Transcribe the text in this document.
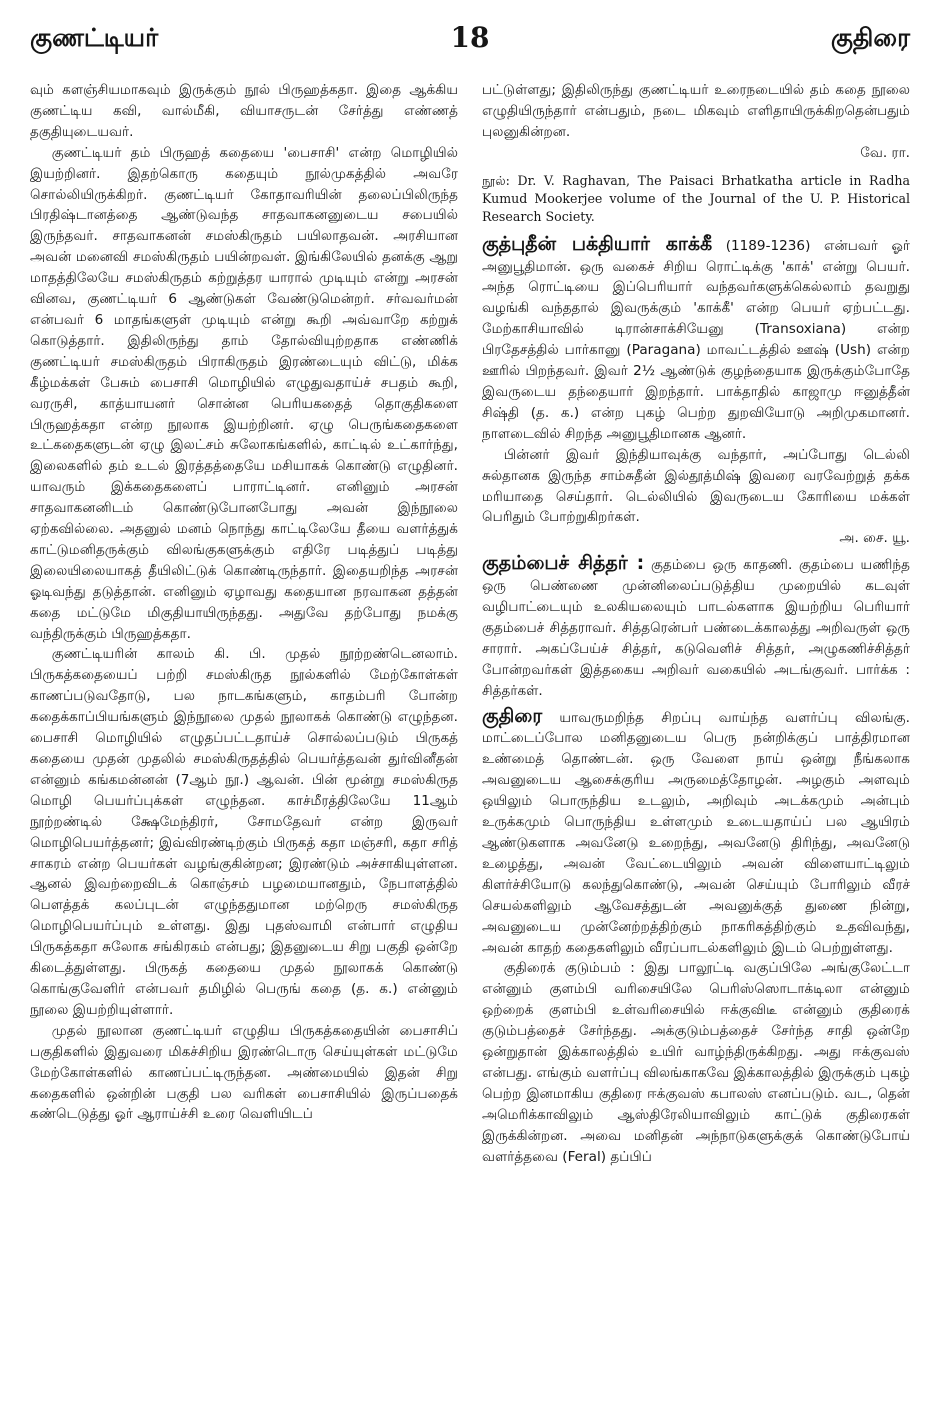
குணட்டியர்	18	குதிரை

வும் களஞ்சியமாகவும் இருக்கும் நூல் பிருஹத்கதா. இதை ஆக்கிய குணட்டிய கவி, வால்மீகி, வியாசருடன் சேர்த்து எண்ணத் தகுதியுடையவர்.

குணட்டியர் தம் பிருஹத் கதையை 'பைசாசி' என்ற மொழியில் இயற்றினர். இதற்கொரு கதையும் நூல்முகத்தில் அவரே சொல்லியிருக்கிறர். குணட்டியர் கோதாவரியின் தலைப்பிலிருந்த பிரதிஷ்டானத்தை ஆண்டுவந்த சாதவாகனனுடைய சபையில் இருந்தவர். சாதவாகனன் சமஸ்கிருதம் பயிலாதவன். அரசியான அவன் மனைவி சமஸ்கிருதம் பயின்றவள். இங்கிலேயில் தனக்கு ஆறு மாதத்திலேயே சமஸ்கிருதம் கற்றுத்தர யாரால் முடியும் என்று அரசன் வினவ, குணட்டியர் 6 ஆண்டுகள் வேண்டுமென்றர். சர்வவர்மன் என்பவர் 6 மாதங்களுள் முடியும் என்று கூறி அவ்வாறே கற்றுக் கொடுத்தார். இதிலிருந்து தாம் தோல்வியுற்றதாக எண்ணிக் குணட்டியர் சமஸ்கிருதம் பிராகிருதம் இரண்டையும் விட்டு, மிக்க கீழ்மக்கள் பேசும் பைசாசி மொழியில் எழுதுவதாய்ச் சபதம் கூறி, வரருசி, காத்யாயனர் சொன்ன பெரியகதைத் தொகுதிகளை பிருஹத்கதா என்ற நூலாக இயற்றினர். ஏழு பெருங்கதைகளை உட்கதைகளுடன் ஏழு இலட்சம் சுலோகங்களில், காட்டில் உட்கார்ந்து, இலைகளில் தம் உடல் இரத்தத்தையே மசியாகக் கொண்டு எழுதினர். யாவரும் இக்கதைகளைப் பாராட்டினர். எனினும் அரசன் சாதவாகனனிடம் கொண்டுபோனபோது அவன் இந்நூலை ஏற்கவில்லை. அதனுல் மனம் நொந்து காட்டிலேயே தீயை வளர்த்துக் காட்டுமனிதருக்கும் விலங்குகளுக்கும் எதிரே படித்துப் படித்து இலையிலையாகத் தீயிலிட்டுக் கொண்டிருந்தார். இதையறிந்த அரசன் ஓடிவந்து தடுத்தான். எனினும் ஏழாவது கதையான நரவாகன தத்தன் கதை மட்டுமே மிகுதியாயிருந்தது. அதுவே தற்போது நமக்கு வந்திருக்கும் பிருஹத்கதா.

குணட்டியரின் காலம் கி. பி. முதல் நூற்றண்டெனலாம். பிருகத்கதையைப் பற்றி சமஸ்கிருத நூல்களில் மேற்கோள்கள் காணப்படுவதோடு, பல நாடகங்களும், காதம்பரி போன்ற கதைக்காப்பியங்களும் இந்நூலை முதல் நூலாகக் கொண்டு எழுந்தன. பைசாசி மொழியில் எழுதப்பட்டதாய்ச் சொல்லப்படும் பிருகத் கதையை முதன் முதலில் சமஸ்கிருதத்தில் பெயர்த்தவன் துர்வினீதன் என்னும் கங்கமன்னன் (7ஆம் நூ.) ஆவன். பின் மூன்று சமஸ்கிருத மொழி பெயர்ப்புக்கள் எழுந்தன. காச்மீரத்திலேயே 11ஆம் நூற்றண்டில் க்ஷேமேந்திரர், சோமதேவர் என்ற இருவர் மொழிபெயர்த்தனர்; இவ்விரண்டிற்கும் பிருகத் கதா மஞ்சரி, கதா சரித் சாகரம் என்ற பெயர்கள் வழங்குகின்றன; இரண்டும் அச்சாகியுள்ளன. ஆனல் இவற்றைவிடக் கொஞ்சம் பழமையானதும், நேபாளத்தில் பௌத்தக் கலப்புடன் எழுந்ததுமான மற்றெரு சமஸ்கிருத மொழிபெயர்ப்பும் உள்ளது. இது புதஸ்வாமி என்பார் எழுதிய பிருகத்கதா சுலோக சங்கிரகம் என்பது; இதனுடைய சிறு பகுதி ஒன்றே கிடைத்துள்ளது. பிருகத் கதையை முதல் நூலாகக் கொண்டு கொங்குவேளிர் என்பவர் தமிழில் பெருங் கதை (த. க.) என்னும் நூலை இயற்றியுள்ளார்.

முதல் நூலான குணட்டியர் எழுதிய பிருகத்கதையின் பைசாசிப் பகுதிகளில் இதுவரை மிகச்சிறிய இரண்டொரு செய்யுள்கள் மட்டுமே மேற்கோள்களில் காணப்பட்டிருந்தன. அண்மையில் இதன் சிறு கதைகளில் ஒன்றின் பகுதி பல வரிகள் பைசாசியில் இருப்பதைக் கண்டெடுத்து ஓர் ஆராய்ச்சி உரை வெளியிடப்

பட்டுள்ளது; இதிலிருந்து குணட்டியர் உரைநடையில் தம் கதை நூலை எழுதியிருந்தார் என்பதும், நடை மிகவும் எளிதாயிருக்கிறதென்பதும் புலனுகின்றன.

வே. ரா.

நூல்: Dr. V. Raghavan, The Paisaci Brhatkatha article in Radha Kumud Mookerjee volume of the Journal of the U. P. Historical Research Society.

குத்புதீன் பக்தியார் காக்கீ (1189-1236) என்பவர் ஓர் அனுபூதிமான். ஒரு வகைச் சிறிய ரொட்டிக்கு 'காக்' என்று பெயர். அந்த ரொட்டியை இப்பெரியார் வந்தவர்களுக்கெல்லாம் தவறுது வழங்கி வந்ததால் இவருக்கும் 'காக்கீ' என்ற பெயர் ஏற்பட்டது. மேற்காசியாவில் டிரான்சாக்சியேனு (Transoxiana) என்ற பிரதேசத்தில் பார்கானு (Paragana) மாவட்டத்தில் ஊஷ் (Ush) என்ற ஊரில் பிறந்தவர். இவர் 2½ ஆண்டுக் குழந்தையாக இருக்கும்போதே இவருடைய தந்தையார் இறந்தார். பாக்தாதில் காஜாமு ஈனுத்தீன் சிஷ்தி (த. க.) என்ற புகழ் பெற்ற துறவியோடு அறிமுகமானர். நாளடைவில் சிறந்த அனுபூதிமானக ஆனர்.

பின்னர் இவர் இந்தியாவுக்கு வந்தார், அப்போது டெல்லி சுல்தானக இருந்த சாம்சுதீன் இல்தூத்மிஷ் இவரை வரவேற்றுத் தக்க மரியாதை செய்தார். டெல்லியில் இவருடைய கோரியை மக்கள் பெரிதும் போற்றுகிறர்கள்.

அ. சை. யூ.

குதம்பைச் சித்தர் : குதம்பை ஒரு காதணி. குதம்பை யணிந்த ஒரு பெண்ணை முன்னிலைப்படுத்திய முறையில் கடவுள் வழிபாட்டையும் உலகியலையும் பாடல்களாக இயற்றிய பெரியார் குதம்பைச் சித்தராவர். சித்தரென்பர் பண்டைக்காலத்து அறிவருள் ஒரு சாரார். அகப்பேய்ச் சித்தர், கடுவெளிச் சித்தர், அழுகணிச்சித்தர் போன்றவர்கள் இத்தகைய அறிவர் வகையில் அடங்குவர். பார்க்க : சித்தர்கள்.

குதிரை யாவருமறிந்த சிறப்பு வாய்ந்த வளர்ப்பு விலங்கு. மாட்டைப்போல மனிதனுடைய பெரு நன்றிக்குப் பாத்திரமான உண்மைத் தொண்டன். ஒரு வேளை நாய் ஒன்று நீங்கலாக அவனுடைய ஆசைக்குரிய அருமைத்தோழன். அழகும் அளவும் ஒயிலும் பொருந்திய உடலும், அறிவும் அடக்கமும் அன்பும் உருக்கமும் பொருந்திய உள்ளமும் உடையதாய்ப் பல ஆயிரம் ஆண்டுகளாக அவனேடு உறைந்து, அவனேடு திரிந்து, அவனேடு உழைத்து, அவன் வேட்டையிலும் அவன் விளையாட்டிலும் கிளர்ச்சியோடு கலந்துகொண்டு, அவன் செய்யும் போரிலும் வீரச் செயல்களிலும் ஆவேசத்துடன் அவனுக்குத் துணை நின்று, அவனுடைய முன்னேற்றத்திற்கும் நாகரிகத்திற்கும் உதவிவந்து, அவன் காதற் கதைகளிலும் வீரப்பாடல்களிலும் இடம் பெற்றுள்ளது.

குதிரைக் குடும்பம் : இது பாலூட்டி வகுப்பிலே அங்குலேட்டா என்னும் குளம்பி வரிசையிலே பெரிஸ்ஸொடாக்டிலா என்னும் ஒற்றைக் குளம்பி உள்வரிசையில் ஈக்குவிடீ என்னும் குதிரைக் குடும்பத்தைச் சேர்ந்தது. அக்குடும்பத்தைச் சேர்ந்த சாதி ஒன்றே ஒன்றுதான் இக்காலத்தில் உயிர் வாழ்ந்திருக்கிறது. அது ஈக்குவஸ் என்பது. எங்கும் வளர்ப்பு விலங்காகவே இக்காலத்தில் இருக்கும் புகழ் பெற்ற இனமாகிய குதிரை ஈக்குவஸ் கபாலஸ் எனப்படும். வட, தென் அமெரிக்காவிலும் ஆஸ்திரேலியாவிலும் காட்டுக் குதிரைகள் இருக்கின்றன. அவை மனிதன் அந்நாடுகளுக்குக் கொண்டுபோய் வளர்த்தவை (Feral) தப்பிப்
